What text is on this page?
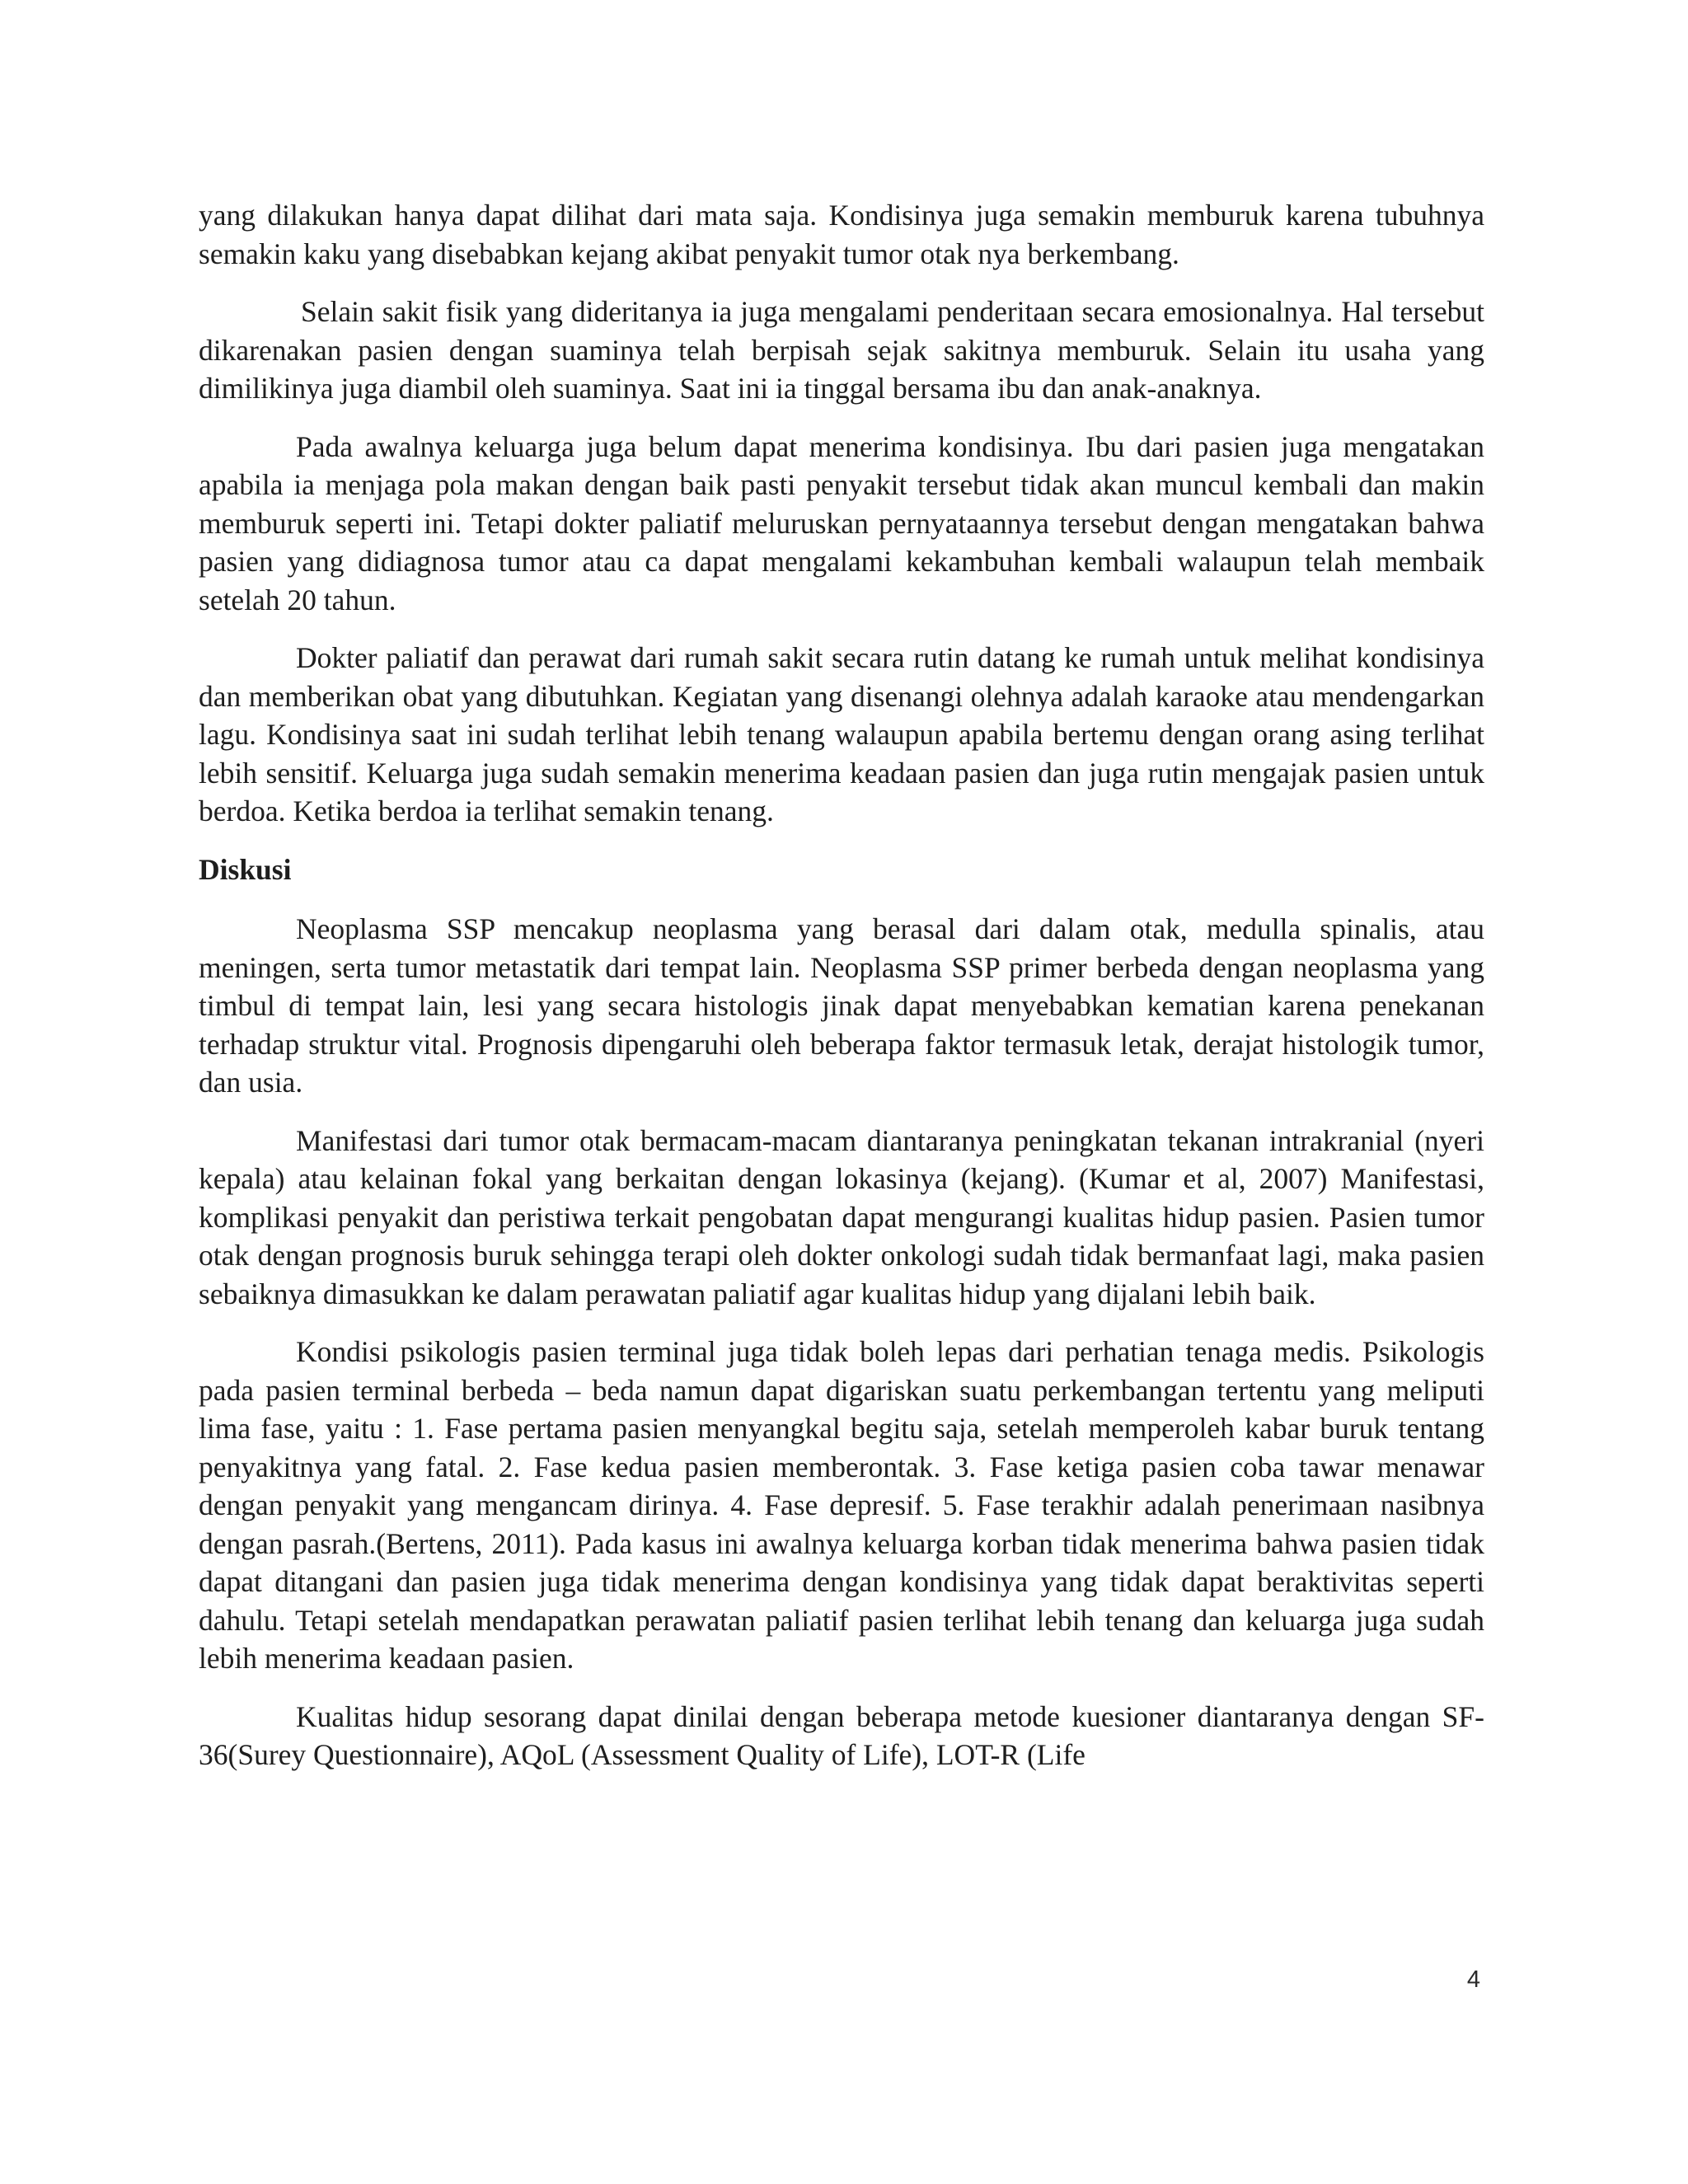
yang dilakukan hanya dapat dilihat dari mata saja. Kondisinya juga semakin memburuk karena tubuhnya semakin kaku yang disebabkan kejang akibat penyakit tumor otak nya berkembang.

Selain sakit fisik yang dideritanya ia juga mengalami penderitaan secara emosionalnya. Hal tersebut dikarenakan pasien dengan suaminya telah berpisah sejak sakitnya memburuk. Selain itu usaha yang dimilikinya juga diambil oleh suaminya. Saat ini ia tinggal bersama ibu dan anak-anaknya.

Pada awalnya keluarga juga belum dapat menerima kondisinya. Ibu dari pasien juga mengatakan apabila ia menjaga pola makan dengan baik pasti penyakit tersebut tidak akan muncul kembali dan makin memburuk seperti ini. Tetapi dokter paliatif meluruskan pernyataannya tersebut dengan mengatakan bahwa pasien yang didiagnosa tumor atau ca dapat mengalami kekambuhan kembali walaupun telah membaik setelah 20 tahun.

Dokter paliatif dan perawat dari rumah sakit secara rutin datang ke rumah untuk melihat kondisinya dan memberikan obat yang dibutuhkan. Kegiatan yang disenangi olehnya adalah karaoke atau mendengarkan lagu. Kondisinya saat ini sudah terlihat lebih tenang walaupun apabila bertemu dengan orang asing terlihat lebih sensitif. Keluarga juga sudah semakin menerima keadaan pasien dan juga rutin mengajak pasien untuk berdoa. Ketika berdoa ia terlihat semakin tenang.

Diskusi

Neoplasma SSP mencakup neoplasma yang berasal dari dalam otak, medulla spinalis, atau meningen, serta tumor metastatik dari tempat lain. Neoplasma SSP primer berbeda dengan neoplasma yang timbul di tempat lain, lesi yang secara histologis jinak dapat menyebabkan kematian karena penekanan terhadap struktur vital. Prognosis dipengaruhi oleh beberapa faktor termasuk letak, derajat histologik tumor, dan usia.

Manifestasi dari tumor otak bermacam-macam diantaranya peningkatan tekanan intrakranial (nyeri kepala) atau kelainan fokal yang berkaitan dengan lokasinya (kejang). (Kumar et al, 2007) Manifestasi, komplikasi penyakit dan peristiwa terkait pengobatan dapat mengurangi kualitas hidup pasien. Pasien tumor otak dengan prognosis buruk sehingga terapi oleh dokter onkologi sudah tidak bermanfaat lagi, maka pasien sebaiknya dimasukkan ke dalam perawatan paliatif agar kualitas hidup yang dijalani lebih baik.

Kondisi psikologis pasien terminal juga tidak boleh lepas dari perhatian tenaga medis. Psikologis pada pasien terminal berbeda – beda namun dapat digariskan suatu perkembangan tertentu yang meliputi lima fase, yaitu : 1. Fase pertama pasien menyangkal begitu saja, setelah memperoleh kabar buruk tentang penyakitnya yang fatal. 2. Fase kedua pasien memberontak. 3. Fase ketiga pasien coba tawar menawar dengan penyakit yang mengancam dirinya. 4. Fase depresif. 5. Fase terakhir adalah penerimaan nasibnya dengan pasrah.(Bertens, 2011). Pada kasus ini awalnya keluarga korban tidak menerima bahwa pasien tidak dapat ditangani dan pasien juga tidak menerima dengan kondisinya yang tidak dapat beraktivitas seperti dahulu. Tetapi setelah mendapatkan perawatan paliatif pasien terlihat lebih tenang dan keluarga juga sudah lebih menerima keadaan pasien.

Kualitas hidup sesorang dapat dinilai dengan beberapa metode kuesioner diantaranya dengan SF-36(Surey Questionnaire), AQoL (Assessment Quality of Life), LOT-R (Life

4
